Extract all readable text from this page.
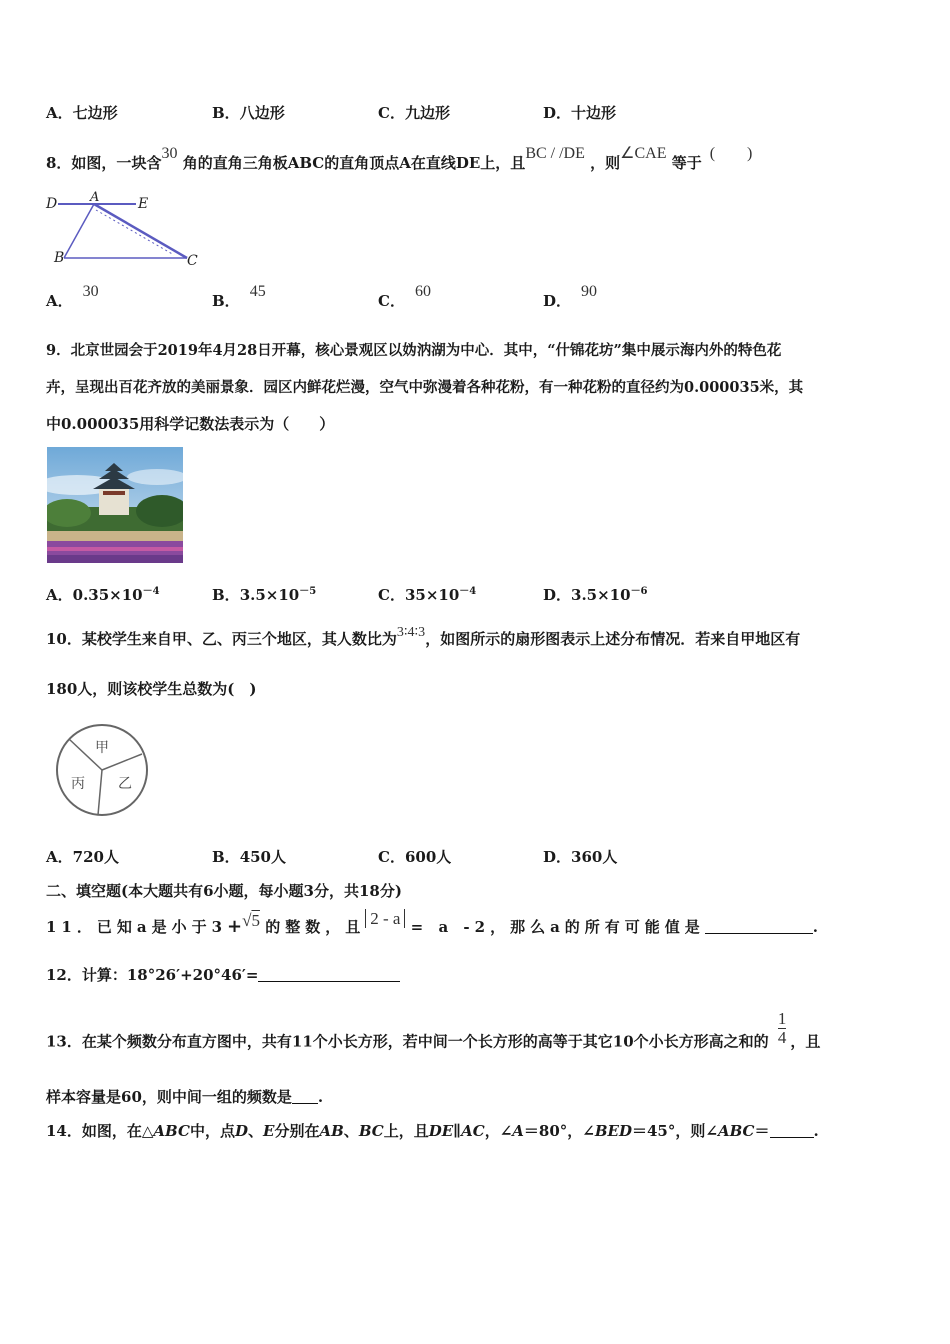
A．七边形	B．八边形	C．九边形	D．十边形
8．如图，一块含30 角的直角三角板ABC的直角顶点A在直线DE上，且BC / /DE ，则∠CAE 等于(　　)
D	A	E
B	C
A．30
B．45
C．60
D．90
9．北京世园会于2019年4月28日开幕，核心景观区以妫汭湖为中心．其中，“什锦花坊”集中展示海内外的特色花
卉，呈现出百花齐放的美丽景象．园区内鲜花烂漫，空气中弥漫着各种花粉，有一种花粉的直径约为0.000035米，其
中0.000035用科学记数法表示为（　　）
A．$0.35\times 10^{-4}$	B．$3.5\times 10^{-5}$	C．$35\times 10^{-4}$	D．$3.5\times 10^{-6}$
10．某校学生来自甲、乙、丙三个地区，其人数比为3∶4∶3，如图所示的扇形图表示上述分布情况．若来自甲地区有
180人，则该校学生总数为(　)
甲
丙 乙
A．720人	B．450人	C．600人	D．360人
二、填空题(本大题共有6小题，每小题3分，共18分)
11．已知a是小于3+√5 的整数，且 2 - a = a -2，那么a的所有可能值是	.
12．计算：18°26′+20°46′=
13．在某个频数分布直方图中，共有11个小长方形，若中间一个长方形的高等于其它10个小长方形高之和的 $\frac{1}{4}$ ，且
样本容量是60，则中间一组的频数是 .
14．如图，在△ABC中，点D、E分别在AB、BC上，且DE∥AC，∠A＝80°，∠BED＝45°，则∠ABC＝	.
